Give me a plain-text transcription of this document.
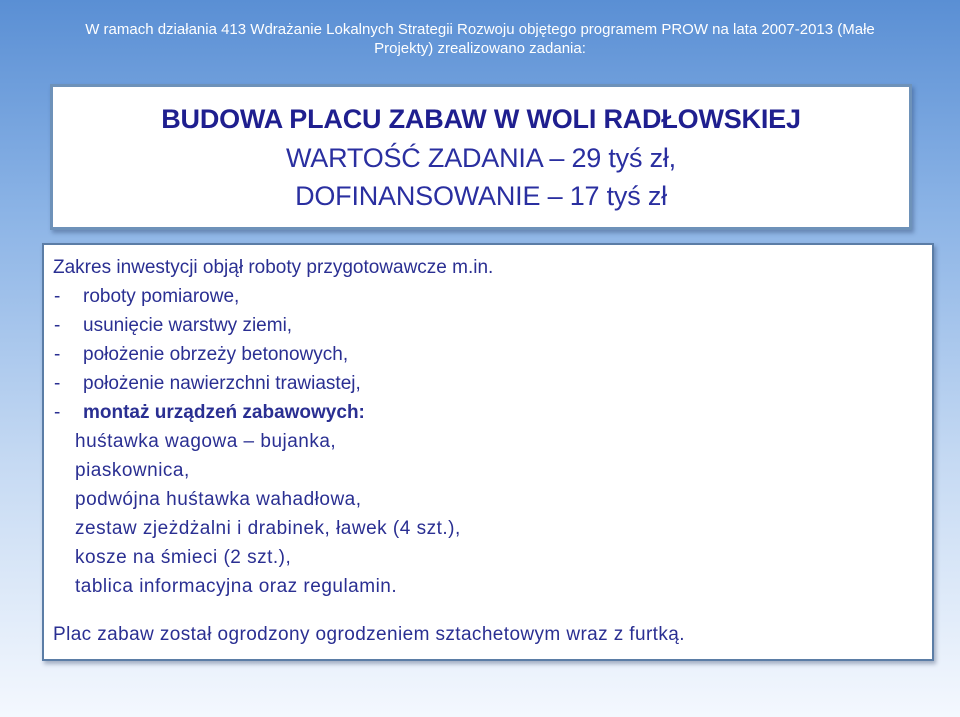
W ramach działania 413 Wdrażanie Lokalnych Strategii Rozwoju objętego programem PROW na lata 2007-2013 (Małe
Projekty) zrealizowano zadania:
BUDOWA PLACU ZABAW W WOLI RADŁOWSKIEJ
WARTOŚĆ ZADANIA – 29 tyś zł,
DOFINANSOWANIE – 17 tyś zł
Zakres inwestycji objął roboty przygotowawcze m.in.
-	roboty pomiarowe,
-	usunięcie warstwy ziemi,
-	położenie obrzeży betonowych,
-	położenie nawierzchni trawiastej,
-	montaż urządzeń zabawowych:
huśtawka wagowa – bujanka,
piaskownica,
podwójna huśtawka wahadłowa,
zestaw zjeżdżalni i drabinek, ławek (4 szt.),
kosze na śmieci (2 szt.),
tablica informacyjna oraz regulamin.
Plac zabaw został ogrodzony ogrodzeniem sztachetowym wraz z furtką.
